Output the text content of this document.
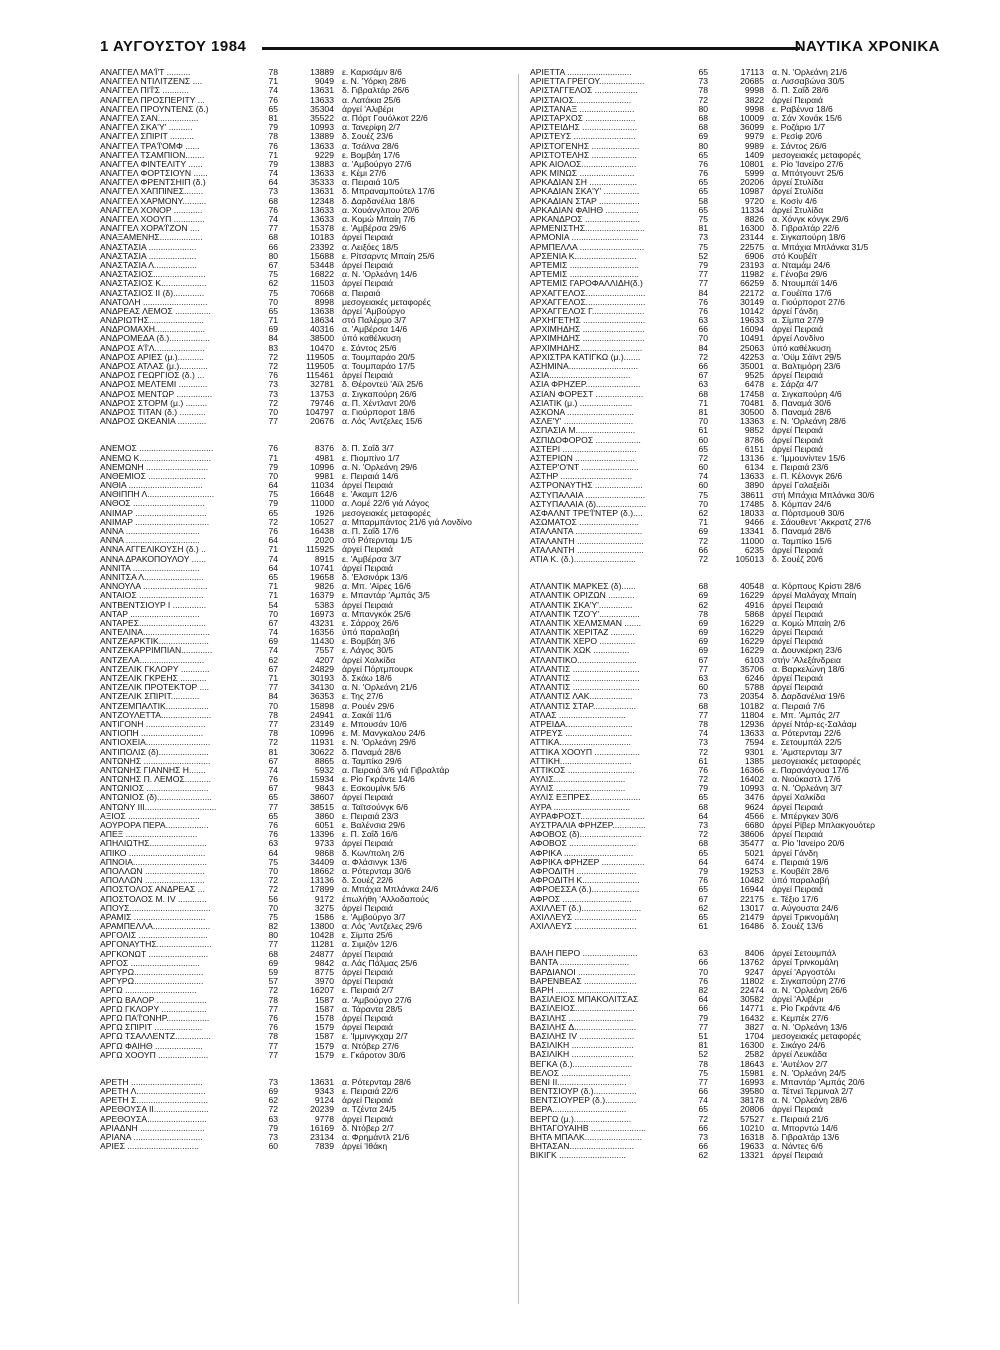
1 ΑΥΓΟΥΣΤΟΥ 1984	ΝΑΥΤΙΚΑ ΧΡΟΝΙΚΑ
ΑΝΑΓΓΕΛ ΜΑ'Ϊ'Τ ..........	78	13889 ε. Καρισάμν 8/6
ΑΝΑΓΓΕΛ ΝΤΙΛΙΤΖΕΝΣ ....	71	9049 ε. Ν. 'Υόρκη 28/6
ΑΝΑΓΓΕΛ ΠΙ'Ϊ'Σ ...........	74	13631 δ. Γιβραλτάρ 26/6
ΑΝΑΓΓΕΛ ΠΡΟΣΠΕΡΙΤΥ ...	76	13633 α. Λατάκια 25/6
ΑΝΑΓΓΕΛ ΠΡΟΥΝΤΕΝΣ (δ.)	65	35304 άργεί 'Αλιβέρι
ΑΝΑΓΓΕΛ ΣΑΝ.................	81	35522 α. Πόρτ Γουόλκοτ 22/6
ΑΝΑΓΓΕΛ ΣΚΑ'Υ' ..........	79	10993 α. Τανερίφη 2/7
ΑΝΑΓΓΕΛ ΣΠΙΡΙΤ ..........	78	13889 δ. Σουέζ 23/6
ΑΝΑΓΓΕΛ ΤΡΑ'Ϊ'ΟΜΦ ......	76	13633 α. Τσάλνα 28/6
ΑΝΑΓΓΕΛ ΤΣΑΜΠΙΟΝ........	71	9229 ε. Βομβάη 17/6
ΑΝΑΓΓΕΛ ΦΙΝΤΕΛΙΤΥ ......	79	13883 α. 'Αμβούργο 27/6
ΑΝΑΓΓΕΛ ΦΟΡΤΣΙΟΥΝ ......	74	13633 ε. Κέμι 27/6
ΑΝΑΓΓΕΛ ΦΡΕΝΤΣΗΙΠ (δ.)	64	35333 α. Πειραιά 10/5
ΑΝΑΓΓΕΛ ΧΑΠΠΙΝΕΣ........	73	13631 δ. Μπραναμπούτελ 17/6
ΑΝΑΓΓΕΛ ΧΑΡΜΟΝΥ..........	68	12348 δ. Δαρδανέλια 18/6
ΑΝΑΓΓΕΛ ΧΟΝΟΡ ............	76	13633 α. Χουάνγλπου 20/6
ΑΝΑΓΓΕΛ ΧΟΟΥΠ .............	74	13633 α. Κομώ Μπαίη 7/6
ΑΝΑΓΓΕΛ ΧΟΡΑ'Ϊ'ΖΟΝ ....	77	15378 ε. 'Αμβέρσα 29/6
ΑΝΑΞΑΜΕΝΗΣ..................	68	10183 άργεί Πειραιά
ΑΝΑΣΤΑΣΙΑ ....................	66	23392 α. Λειξόες 18/5
ΑΝΑΣΤΑΣΙΑ ....................	80	15688 ε. Ρίτσαρντς Μπαίη 25/6
ΑΝΑΣΤΑΣΙΑ Λ..................	67	53448 άργεί Πειραιά
ΑΝΑΣΤΑΣΙΟΣ......................	75	16822 α. Ν. 'Ορλεάνη 14/6
ΑΝΑΣΤΑΣΙΟΣ Κ...................	62	11503 άργεί Πειραιά
ΑΝΑΣΤΑΣΙΟΣ ΙΙ (δ).............	75	70668 α. Πειραιά
ΑΝΑΤΟΛΗ ...........................	70	8998 μεσογειακές μεταφορές
ΑΝΔΡΕΑΣ ΛΕΜΟΣ ...............	65	13638 άργεί 'Αμβούργο
ΑΝΔΡΙΩΤΗΣ.......................	71	18634 στό Παλέρμο 3/7
ΑΝΔΡΟΜΑΧΗ.....................	69	40316 α. 'Αμβέρσα 14/6
ΑΝΔΡΟΜΕΔΑ (δ.).................	84	38500 ύπό καθέλκυση
ΑΝΔΡΟΣ Α'Ϊ'Λ.....................	83	10470 ε. Σάντος 25/6
ΑΝΔΡΟΣ ΑΡΙΕΣ (μ.)...........	72	119505 α. Τουμπαράο 20/5
ΑΝΔΡΟΣ ΑΤΛΑΣ (μ.)............	72	119505 α. Τουμπαράο 17/5
ΑΝΔΡΟΣ ΓΕΩΡΓΙΟΣ (δ.) ...	76	115461 άργεί Πειραιά
ΑΝΔΡΟΣ ΜΕΛΤΕΜΙ ............	73	32781 δ. Θέροντεϋ 'Αϊλ 25/6
ΑΝΔΡΟΣ ΜΕΝΤΩΡ ...............	73	13753 α. Σιγκαπούρη 26/6
ΑΝΔΡΟΣ ΣΤΟΡΜ (μ.) .........	72	79746 α. Π. Χέντλαντ 20/6
ΑΝΔΡΟΣ ΤΙΤΑΝ (δ.) ...........	70	104797 α. Γιούρποροτ 18/6
ΑΝΔΡΟΣ ΩΚΕΑΝΙΑ ............	77	20676 α. Λός 'Αντζελες 15/6
ΑΝΕΜΟΣ ...............................	76	8376 δ. Π. Σαΐδ 3/7
ΑΝΕΜΩ Κ..............................	71	4981 ε. Πιομπίνο 1/7
ΑΝΕΜΩΝΗ ..........................	79	10996 α. Ν. 'Ορλεάνη 29/6
ΑΝΘΕΜΙΟΣ ........................	70	9981 ε. Πειραιά 14/6
ΑΝΘΙΑ ...............................	64	11034 άργεί Πειραιά
ΑΝΘΙΠΠΗ Λ............................	75	16648 ε. 'Ακαμπ 12/6
ΑΝΘΟΣ ..............................	79	11000 α. Λομέ 22/6 γιά Λάγος
ΑΝΙΜΑΡ ..............................	65	1926 μεσογειακές μεταφορές
ΑΝΙΜΑΡ ...............................	72	10527 α. Μπαρμπάντος 21/6 γιά Λονδίνο
ΑΝΝΑ ...............................	76	16438 α. Π. Σαΐδ 17/6
ΑΝΝΑ ...............................	64	2020 στό Ρότερνταμ 1/5
ΑΝΝΑ ΑΓΓΕΛΙΚΟΥΣΗ (δ.) ..	71	115925 άργεί Πειραιά
ΑΝΝΑ ΔΡΑΚΟΠΟΥΛΟΥ ......	74	8915 ε. 'Αμβέρσα 3/7
ΑΝΝΙΤΑ ............................	64	10741 άργεί Πειραιά
ΑΝΝΙΤΣΑ Λ.........................	65	19658 δ. 'Ελσινόρκ 13/6
ΑΝΝΟΥΛΑ ...........................	71	9826 α. Μπ. 'Αϊρες 16/6
ΑΝΤΑΙΟΣ ...........................	71	16379 ε. Μπαντάρ 'Αμπάς 3/5
ΑΝΤΒΕΝΤΣΙΟΥΡ Ι ..............	54	5383 άργεί Πειραιά
ΑΝΤΑΡ .............................	70	16973 α. Μπανγκόκ 25/6
ΑΝΤΑΡΕΣ............................	67	43231 ε. Σάρροχ 26/6
ΑΝΤΕΛΙΝΑ............................	74	16356 ύπό παραλαβή
ΑΝΤΖΕΑΡΚΤΙΚ.....................	69	11430 ε. Βομβάη 3/6
ΑΝΤΖΕΚΑΡΡΙΜΠΙΑΝ.............	74	7557 ε. Λάγος 30/5
ΑΝΤΖΕΛΑ...........................	62	4207 άργεί Χαλκίδα
ΑΝΤΖΕΛΙΚ ΓΚΛΟΡΥ ............	67	24829 άργεί Πόρτμπουρκ
ΑΝΤΖΕΛΙΚ ΓΚΡΕΗΣ ...........	71	30193 δ. Σκάω 18/6
ΑΝΤΖΕΛΙΚ ΠΡΟΤΕΚΤΟΡ ....	77	34130 α. Ν. 'Ορλεάνη 21/6
ΑΝΤΖΕΛΙΚ ΣΠΙΡΙΤ............	84	36353 ε. Της 27/6
ΑΝΤΖΕΜΠΑΛΤΙΚ..................	70	15898 α. Ρουέν 29/6
ΑΝΤΖΟΥΛΕΤΤΑ.....................	78	24941 α. Σακάϊ 11/6
ΑΝΤΙΓΟΝΗ .........................	77	23149 ε. Μπουσάν 10/6
ΑΝΤΙΟΠΗ ..........................	78	10996 ε. Μ. Μανγκαλου 24/6
ΑΝΤΙΟΧΕΙΑ...........................	72	11931 ε. Ν. 'Ορλεάνη 29/6
ΑΝΤΙΠΟΛΙΣ (δ).....................	81	30622 δ. Παναμά 28/6
ΑΝΤΩΝΗΣ ............................	67	8865 α. Ταμπίκο 29/6
ΑΝΤΩΝΗΣ ΓΙΑΝΝΗΣ Η.......	74	5932 α. Πειραιά 3/6 γιά Γιβραλτάρ
ΑΝΤΩΝΗΣ Π. ΛΕΜΟΣ...........	76	15934 ε. Ρίο Γκράντε 14/6
ΑΝΤΩΝΙΟΣ ..........................	67	9843 ε. Εσκουμίνκ 5/6
ΑΝΤΩΝΙΟΣ (δ).......................	65	38607 άργεί Πειραιά
ΑΝΤΩΝΥ ΙΙΙ..............................	77	38515 α. Ταϊτσούνγκ 6/6
ΑΞΙΟΣ ..............................	65	3860 ε. Πειραιά 23/3
ΑΟΥΡΟΡΑ ΠΕΡΑ..................	76	6051 ε. Βαλένσια 29/6
ΑΠΕΞ ..............................	76	13396 ε. Π. Σαΐδ 16/6
ΑΠΗΛΙΩΤΗΣ........................	63	9733 άργεί Πειραιά
ΑΠΙΚΟ ................................	64	9868 δ. Κων/πολη 2/6
ΑΠΝΟΙΑ...............................	75	34409 α. Φλάσινγκ 13/6
ΑΠΟΛΛΩΝ .........................	70	18662 α. Ρότερνταμ 30/6
ΑΠΟΛΛΩΝ .........................	72	13136 δ. Σουέζ 22/6
ΑΠΟΣΤΟΛΟΣ ΑΝΔΡΕΑΣ ...	72	17899 α. Μπάχια Μπλάνκα 24/6
ΑΠΟΣΤΟΛΟΣ Μ. IV ............	56	9172 έπωλήθη 'Αλλοδαπούς
ΑΠΟΥΣ..................................	70	3275 άργεί Πειραιά
ΑΡΑΜΙΣ ..............................	75	1586 ε. 'Αμβούργο 3/7
ΑΡΑΜΠΕΛΛΑ........................	82	13800 α. Λός 'Αντζελες 29/6
ΑΡΓΟΛΙΣ .............................	80	10428 ε. Σίμπα 25/6
ΑΡΓΟΝΑΥΤΗΣ.......................	77	11281 α. Σιμιζόν 12/6
ΑΡΓΚΟΝΩΤ .........................	68	24877 άργεί Πειραιά
ΑΡΓΟΣ .............................	69	9842 α. Λάς Πάλμας 25/6
ΑΡΓΥΡΩ.............................	59	8775 άργεί Πειραιά
ΑΡΓΥΡΩ.............................	57	3970 άργεί Πειραιά
ΑΡΓΩ ..............................	72	16207 ε. Πειραιά 2/7
ΑΡΓΩ ΒΑΛΟΡ .....................	78	1587 α. 'Αμβούργο 27/6
ΑΡΓΩ ΓΚΛΟΡΥ ...................	77	1587 α. Τάραντα 28/5
ΑΡΓΩ ΠΑ'Ϊ'ΟΝΗΡ..................	76	1578 άργεί Πειραιά
ΑΡΓΩ ΣΠΙΡΙΤ ....................	76	1579 άργεί Πειραιά
ΑΡΓΩ ΤΣΑΛΛΕΝΤΖ...............	78	1587 ε. 'Ιμμινγκχαμ 2/7
ΑΡΓΩ ΦΑΙΗΘ ....................	77	1579 α. Ντόβερ 27/6
ΑΡΓΩ ΧΟΟΥΠ .....................	77	1579 ε. Γκάροτον 30/6
ΑΡΕΤΗ ..............................	73	13631 α. Ρότερνταμ 28/6
ΑΡΕΤΗ Λ.............................	69	9343 ε. Πειραιά 22/6
ΑΡΕΤΗ Σ..............................	62	9124 άργεί Πειραιά
ΑΡΕΘΟΥΣΑ ΙΙ.......................	72	20239 α. Τζέντα 24/5
ΑΡΕΘΟΥΣΑ.........................	63	9778 άργεί Πειραιά
ΑΡΙΑΔΝΗ ...........................	79	16169 δ. Ντόβερ 2/7
ΑΡΙΑΝΑ .............................	73	23134 α. Φρημάντλ 21/6
ΑΡΙΕΣ ..............................	60	7839 άργεί 'Ιθάκη
ΑΡΙΕΤΤΑ ...........................	65	17113 α. Ν. 'Ορλεάνη 21/6
ΑΡΙΕΤΤΑ ΓΡΕΓΟΥ...................	73	20685 α. Λισσαβώνα 30/5
ΑΡΙΣΤΑΓΓΕΛΟΣ ..................	78	9998 δ. Π. Σαΐδ 28/6
ΑΡΙΣΤΑΙΟΣ........................	72	3822 άργεί Πειραιά
ΑΡΙΣΤΑΝΑΞ .......................	80	9998 ε. Ραβέννα 18/6
ΑΡΙΣΤΑΡΧΟΣ .....................	68	10009 α. Σάν Χονάκ 15/6
ΑΡΙΣΤΕΙΔΗΣ .......................	68	36099 ε. Ροζάριο 1/7
ΑΡΙΣΤΕΥΣ ..........................	69	9979 ε. Ρεσίφ 20/6
ΑΡΙΣΤΟΓΕΝΗΣ ....................	80	9989 ε. Σάντος 26/6
ΑΡΙΣΤΟΤΕΛΗΣ ...................	65	1409 μεσογειακές μεταφορές
ΑΡΚ ΑΙΟΛΟΣ.......................	76	10801 ε. Ρίο 'Ιανείρο 27/6
ΑΡΚ ΜΙΝΩΣ .......................	76	5999 α. Μπότγουντ 25/6
ΑΡΚΑΔΙΑΝ ΣΗ ....................	65	20206 άργεί Στυλίδα
ΑΡΚΑΔΙΑΝ ΣΚΑ'Υ' ...............	65	10987 άργεί Στυλίδα
ΑΡΚΑΔΙΑΝ ΣΤΑΡ .................	58	9720 ε. Κοσίν 4/6
ΑΡΚΑΔΙΑΝ ΦΑΙΗΘ ..............	65	11334 άργεί Στυλίδα
ΑΡΚΑΝΔΡΟΣ .......................	75	8826 α. Χόνγκ κόνγκ 29/6
ΑΡΜΕΝΙΣΤΗΣ.........................	81	16300 δ. Γιβραλτάρ 22/6
ΑΡΜΟΝΙΑ ............................	73	23144 ε. Σιγκαπούρη 18/6
ΑΡΜΠΕΛΛΑ ...........................	75	22575 α. Μπάχια Μπλάνκα 31/5
ΑΡΣΕΝΙΑ Κ..........................	52	6906 στό Κουβέϊτ
ΑΡΤΕΜΙΣ .............................	79	23193 α. Νταμάμ 24/6
ΑΡΤΕΜΙΣ .............................	77	11982 ε. Γένοβα 29/6
ΑΡΤΕΜΙΣ ΓΑΡΟΦΑΛΛΙΔΗ(δ.)	77	66259 δ. Ντουμπάϊ 14/6
ΑΡΧΑΓΓΕΛΟΣ.........................	84	22172 α. Γουέϊπα 17/6
ΑΡΧΑΓΓΕΛΟΣ.........................	76	30149 α. Γιούρποροτ 27/6
ΑΡΧΑΓΓΕΛΟΣ Γ......................	76	10142 άργεί Γάνδη
ΑΡΧΗΓΕΤΗΣ ..........................	63	19633 α. Σίμπα 27/9
ΑΡΧΙΜΗΔΗΣ ..........................	66	16094 άργεί Πειραιά
ΑΡΧΙΜΗΔΗΣ ..........................	70	10491 άργεί Λονδίνο
ΑΡΧΙΜΗΔΗΣ..........................	84	25063 ύπό καθέλκυση
ΑΡΧΙΣΤΡΑ ΚΑΤΙΓΚΩ (μ.).......	72	42253 α. 'Οϋμ Σάϊντ 29/5
ΑΣΗΜΙΝΑ.............................	66	35001 α. Βαλτιμόρη 23/6
ΑΣΙΑ..................................	67	9525 άργεί Πειραιά
ΑΣΙΑ ΦΡΗΖΕΡ.......................	63	6478 ε. Σάρζα 4/7
ΑΣΙΑΝ ΦΟΡΕΣΤ ....................	68	17458 α. Σιγκαπούρη 4/6
ΑΣΙΑΤΙΚ (μ.) ......................	71	70481 δ. Παναμά 30/6
ΑΣΚΟΝΑ ............................	81	30500 δ. Παναμά 28/6
ΑΣΛΕ'Υ' .............................	70	13363 ε. Ν. 'Ορλεάνη 28/6
ΑΣΠΑΣΙΑ Μ.........................	61	9852 άργεί Πειραιά
ΑΣΠΙΔΟΦΟΡΟΣ ...................	60	8786 άργεί Πειραιά
ΑΣΤΕΡΙ ...............................	65	6151 άργεί Πειραιά
ΑΣΤΕΡΙΩΝ .........................	72	13136 ε. 'Ιμμουνίντεν 15/6
ΑΣΤΕΡ'Ο'ΝΤ ........................	60	6134 ε. Πειραιά 23/6
ΑΣΤΗΡ ..............................	74	13633 ε. Π. Κέλονγκ 26/6
ΑΣΤΡΟΝΑΥΤΗΣ ....................	60	3890 άργεί Γαλαξείδι
ΑΣΤΥΠΑΛΑΙΑ .........................	75	38611 στή Μπάχια Μπλάνκα 30/6
ΑΣΤΥΠΑΛΑΙΑ (δ).....................	70	17485 δ. Κόμπαν 24/6
ΑΣΦΑΛΝΤ ΤΡΕ'Ϊ'ΝΤΕΡ (δ.)....	62	18033 α. Πόρτσμουθ 30/6
ΑΣΩΜΑΤΟΣ .........................	71	9466 ε. Σάουθεντ 'Ακκρατζ 27/6
ΑΤΑΛΑΝΤΑ ............................	69	13341 δ. Παναμά 28/6
ΑΤΑΛΑΝΤΗ ............................	72	11000 α. Ταμπίκο 15/6
ΑΤΑΛΑΝΤΗ ............................	66	6235 άργεί Πειραιά
ΑΤΙΑ Κ. (δ.)..........................	72	105013 δ. Σουέζ 20/6
ΑΤΛΑΝΤΙΚ ΜΑΡΚΕΣ (δ)......	68	40548 α. Κόρπους Κρίστι 28/6
ΑΤΛΑΝΤΙΚ ΟΡΙΖΩΝ ...........	69	16229 άργεί Μαλάγαχ Μπαίη
ΑΤΛΑΝΤΙΚ ΣΚΑ'Υ'..............	62	4916 άργεί Πειραιά
ΑΤΛΑΝΤΙΚ ΤΖΟΎ'.................	78	5868 άργεί Πειραιά
ΑΤΛΑΝΤΙΚ ΧΕΛΜΣΜΑΝ .......	69	16229 α. Κομώ Μπαίη 2/6
ΑΤΛΑΝΤΙΚ ΧΕΡΙΤΑΖ ..........	69	16229 άργεί Πειραιά
ΑΤΛΑΝΤΙΚ ΧΕΡΟ ...............	69	16229 άργεί Πειραιά
ΑΤΛΑΝΤΙΚ ΧΩΚ ...............	69	16229 α. Δουνκέρκη 23/6
ΑΤΛΑΝΤΙΚΟ.........................	67	6103 στήν 'Αλεξάνδρεια
ΑΤΛΑΝΤΙΣ ............................	77	35706 α. Βαρκελώνη 18/6
ΑΤΛΑΝΤΙΣ ............................	63	6246 άργεί Πειραιά
ΑΤΛΑΝΤΙΣ ............................	60	5788 άργεί Πειραιά
ΑΤΛΑΝΤΙΣ ΛΑΚ..................	73	20354 δ. Δαρδανέλια 19/6
ΑΤΛΑΝΤΙΣ ΣΤΑΡ..................	68	10182 α. Πειραιά 7/6
ΑΤΛΑΣ ............................	77	11804 ε. Μπ. 'Αμπάς 2/7
ΑΤΡΕΙΔΑ............................	78	12936 άργεί Ντάρ-ες-Σαλάαμ
ΑΤΡΕΥΣ ............................	74	13633 α. Ρότερνταμ 22/6
ΑΤΤΙΚΑ..............................	73	7594 ε. Σετουμπάλ 22/5
ΑΤΤΙΚΑ ΧΟΟΥΠ ...................	72	9301 ε. 'Αμστερνταμ 3/7
ΑΤΤΙΚΗ..............................	61	1385 μεσογειακές μεταφορές
ΑΤΤΙΚΟΣ ............................	76	16366 ε. Παρανάγουα 17/6
ΑΥΛΙΣ..............................	72	16402 α. Νιούκαστλ 17/6
ΑΥΛΙΣ .............................	79	10993 α. Ν. 'Ορλεάνη 3/7
ΑΥΛΙΣ ΕΞΠΡΕΣ.....................	65	3476 άργεί Χαλκίδα
ΑΥΡΑ ................................	68	9624 άργεί Πειραιά
ΑΥΡΑΦΡΟΣΤ...........................	64	4566 ε. Μπέργκεν 30/6
ΑΥΣΤΡΑΛΙΑ ΦΡΗΖΕΡ..............	73	6680 άργεί Ρίβερ Μπλακγουότερ
ΑΦΟΒΟΣ (δ)..........................	72	38606 άργεί Πειραιά
ΑΦΟΒΟΣ ............................	68	35477 α. Ρίο 'Ιανείρο 20/6
ΑΦΡΙΚΑ .............................	65	5021 άργεί Γάνδη
ΑΦΡΙΚΑ ΦΡΗΖΕΡ ..................	64	6474 ε. Πειραιά 19/6
ΑΦΡΟΔΙΤΗ .........................	79	19253 ε. Κουβέϊτ 28/6
ΑΦΡΟΔΙΤΗ Κ........................	76	10482 ύπό παραλαβή
ΑΦΡΟΕΣΣΑ (δ.)....................	65	16944 άργεί Πειραιά
ΑΦΡΟΣ .............................	67	22175 ε. Τέξιο 17/6
ΑΧΙΛΛΕΤ (δ.).........................	62	13017 α. Αύγουστα 24/6
ΑΧΙΛΛΕΥΣ ..........................	65	21479 άργεί Τρικνομάλη
ΑΧΙΛΛΕΥΣ ..........................	61	16486 δ. Σουέζ 13/6
ΒΑΛΗ ΠΕΡΟ .......................	63	8406 άργεί Σετουμπάλ
ΒΑΝΤΑ .............................	66	13762 άργεί Τρινκομάλη
ΒΑΡΔΙΑΝΟΙ ........................	70	9247 άργεί 'Αργοστόλι
ΒΑΡΕΝΒΕΑΣ ......................	76	11802 ε. Σιγκαπούρη 27/6
ΒΑΡΗ ..............................	82	22474 α. Ν. 'Ορλεάνη 26/6
ΒΑΣΙΛΕΙΟΣ ΜΠΑΚΟΛΙΤΣΑΣ	64	30582 άργεί 'Αλιβέρι
ΒΑΣΙΛΕΙΟΣ.........................	66	14771 ε. Ρίο Γκράντε 4/6
ΒΑΣΙΛΗΣ ...........................	79	16432 ε. Κεμπέκ 27/6
ΒΑΣΙΛΗΣ Δ..........................	77	3827 α. Ν. 'Ορλεάνη 13/6
ΒΑΣΙΛΗΣ IV .......................	51	1704 μεσογειακές μεταφορές
ΒΑΣΙΛΙΚΗ ..........................	81	16300 ε. Σικάγο 24/6
ΒΑΣΙΛΙΚΗ ..........................	52	2582 άργεί Λευκάδα
ΒΕΓΚΑ (δ.).........................	78	18643 ε. 'Αυτέλον 2/7
ΒΕΛΟΣ .............................	75	15981 ε. Ν. 'Ορλεάνη 24/5
ΒΕΝΙ ΙΙ.............................	77	16993 ε. Μπαντάρ 'Αμπάς 20/6
ΒΕΝΤΣΙΟΥΡ (δ.)..................	66	39580 α. Τέτνεϊ Τερμιναλ 2/7
ΒΕΝΤΣΙΟΥΡΕΡ (δ.).............	74	38178 α. Ν. 'Ορλεάνη 28/6
ΒΕΡΑ...............................	65	20806 άργεί Πειραιά
ΒΕΡΓΩ (μ.)........................	72	57527 ε. Πειραιά 21/6
ΒΗΤΑΓΟΥΑΙΗΒ .......................	66	10210 α. Μπορντώ 14/6
ΒΗΤΑ ΜΠΑΛΚ........................	73	16318 δ. Γιβραλτάρ 13/6
ΒΗΤΑΣΑΝ...........................	66	19633 α. Νάντες 6/6
ΒΙΚΙΓΚ ............................	62	13321 άργεί Πειραιά
